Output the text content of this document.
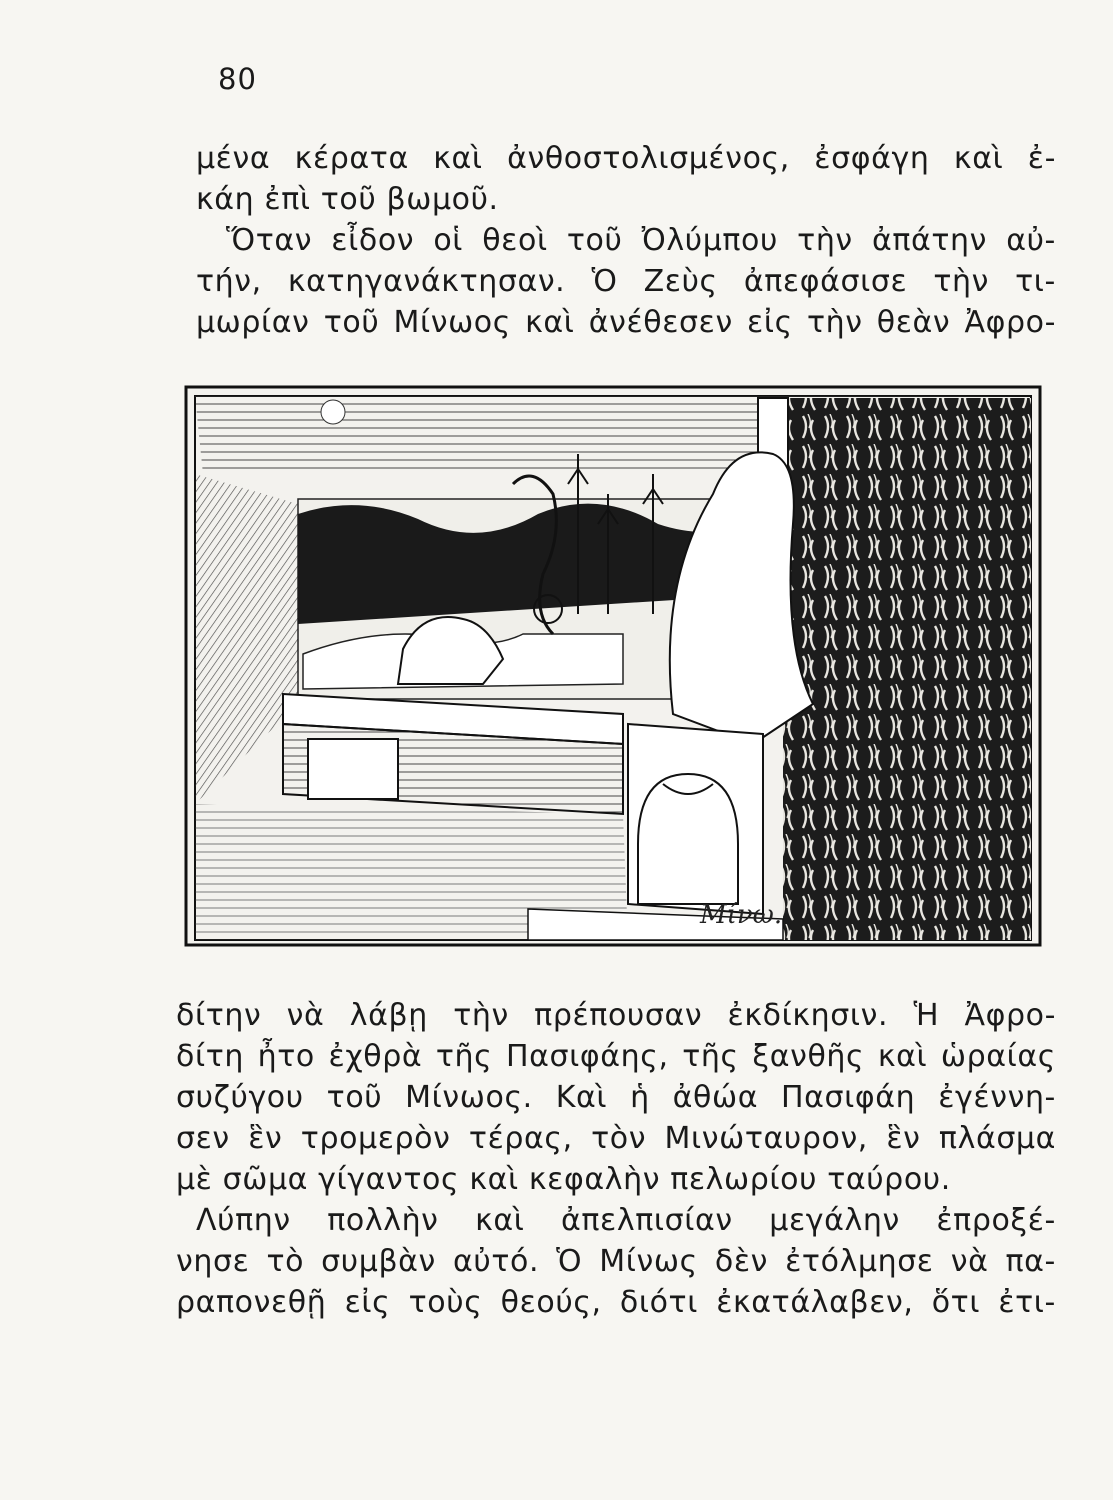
80
μένα κέρατα καὶ ἀνθοστολισμένος, ἐσφάγη καὶ ἐ-
κάη ἐπὶ τοῦ βωμοῦ.
Ὅταν εἶδον οἱ θεοὶ τοῦ Ὀλύμπου τὴν ἀπάτην αὐ-
τήν, κατηγανάκτησαν. Ὁ Ζεὺς ἀπεφάσισε τὴν τι-
μωρίαν τοῦ Μίνωος καὶ ἀνέθεσεν εἰς τὴν θεὰν Ἀφρο-
Μίνω.
δίτην νὰ λάβῃ τὴν πρέπουσαν ἐκδίκησιν. Ἡ Ἀφρο-
δίτη ἦτο ἐχθρὰ τῆς Πασιφάης, τῆς ξανθῆς καὶ ὡραίας
συζύγου τοῦ Μίνωος. Καὶ ἡ ἀθώα Πασιφάη ἐγέννη-
σεν ἓν τρομερὸν τέρας, τὸν Μινώταυρον, ἓν πλάσμα
μὲ σῶμα γίγαντος καὶ κεφαλὴν πελωρίου ταύρου.
Λύπην πολλὴν καὶ ἀπελπισίαν μεγάλην ἐπροξέ-
νησε τὸ συμβὰν αὐτό. Ὁ Μίνως δὲν ἐτόλμησε νὰ πα-
ραπονεθῇ εἰς τοὺς θεούς, διότι ἐκατάλαβεν, ὅτι ἐτι-
